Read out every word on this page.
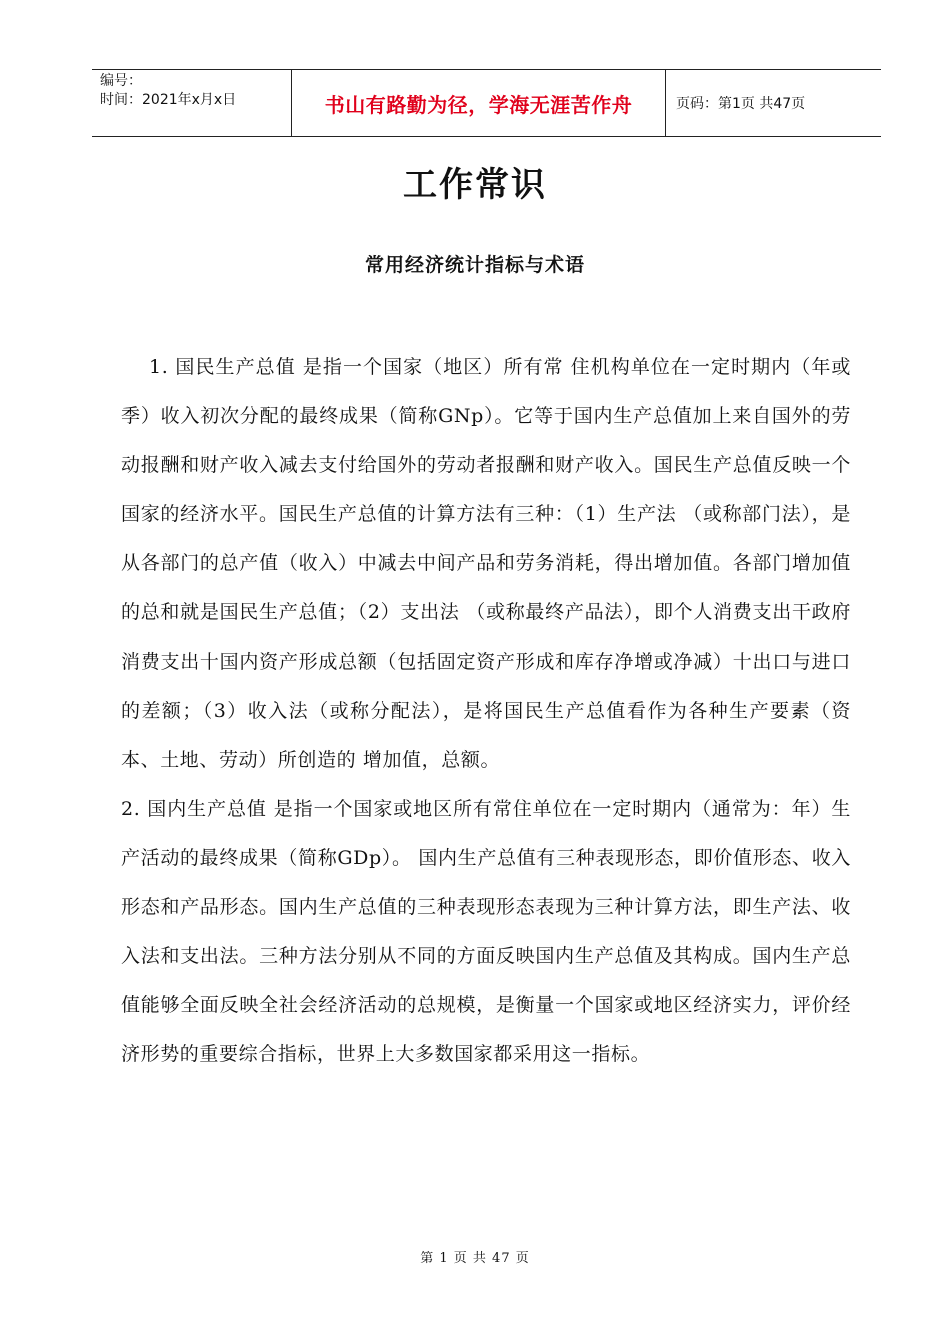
编号：
时间：2021年x月x日	书山有路勤为径，学海无涯苦作舟	页码：第1页 共47页
工作常识
常用经济统计指标与术语

1. 国民生产总值 是指一个国家（地区）所有常 住机构单位在一定时期内（年或季）收入初次分配的最终成果（简称GNp）。它等于国内生产总值加上来自国外的劳动报酬和财产收入减去支付给国外的劳动者报酬和财产收入。国民生产总值反映一个国家的经济水平。国民生产总值的计算方法有三种：（1）生产法 （或称部门法），是从各部门的总产值（收入）中减去中间产品和劳务消耗，得出增加值。各部门增加值的总和就是国民生产总值；（2）支出法 （或称最终产品法），即个人消费支出干政府消费支出十国内资产形成总额（包括固定资产形成和库存净增或净减）十出口与进口的差额；（3）收入法（或称分配法），是将国民生产总值看作为各种生产要素（资本、土地、劳动）所创造的 增加值，总额。

2. 国内生产总值 是指一个国家或地区所有常住单位在一定时期内（通常为：年）生产活动的最终成果（简称GDp）。 国内生产总值有三种表现形态，即价值形态、收入形态和产品形态。国内生产总值的三种表现形态表现为三种计算方法，即生产法、收入法和支出法。三种方法分别从不同的方面反映国内生产总值及其构成。国内生产总值能够全面反映全社会经济活动的总规模，是衡量一个国家或地区经济实力，评价经济形势的重要综合指标，世界上大多数国家都采用这一指标。

第 1 页 共 47 页
